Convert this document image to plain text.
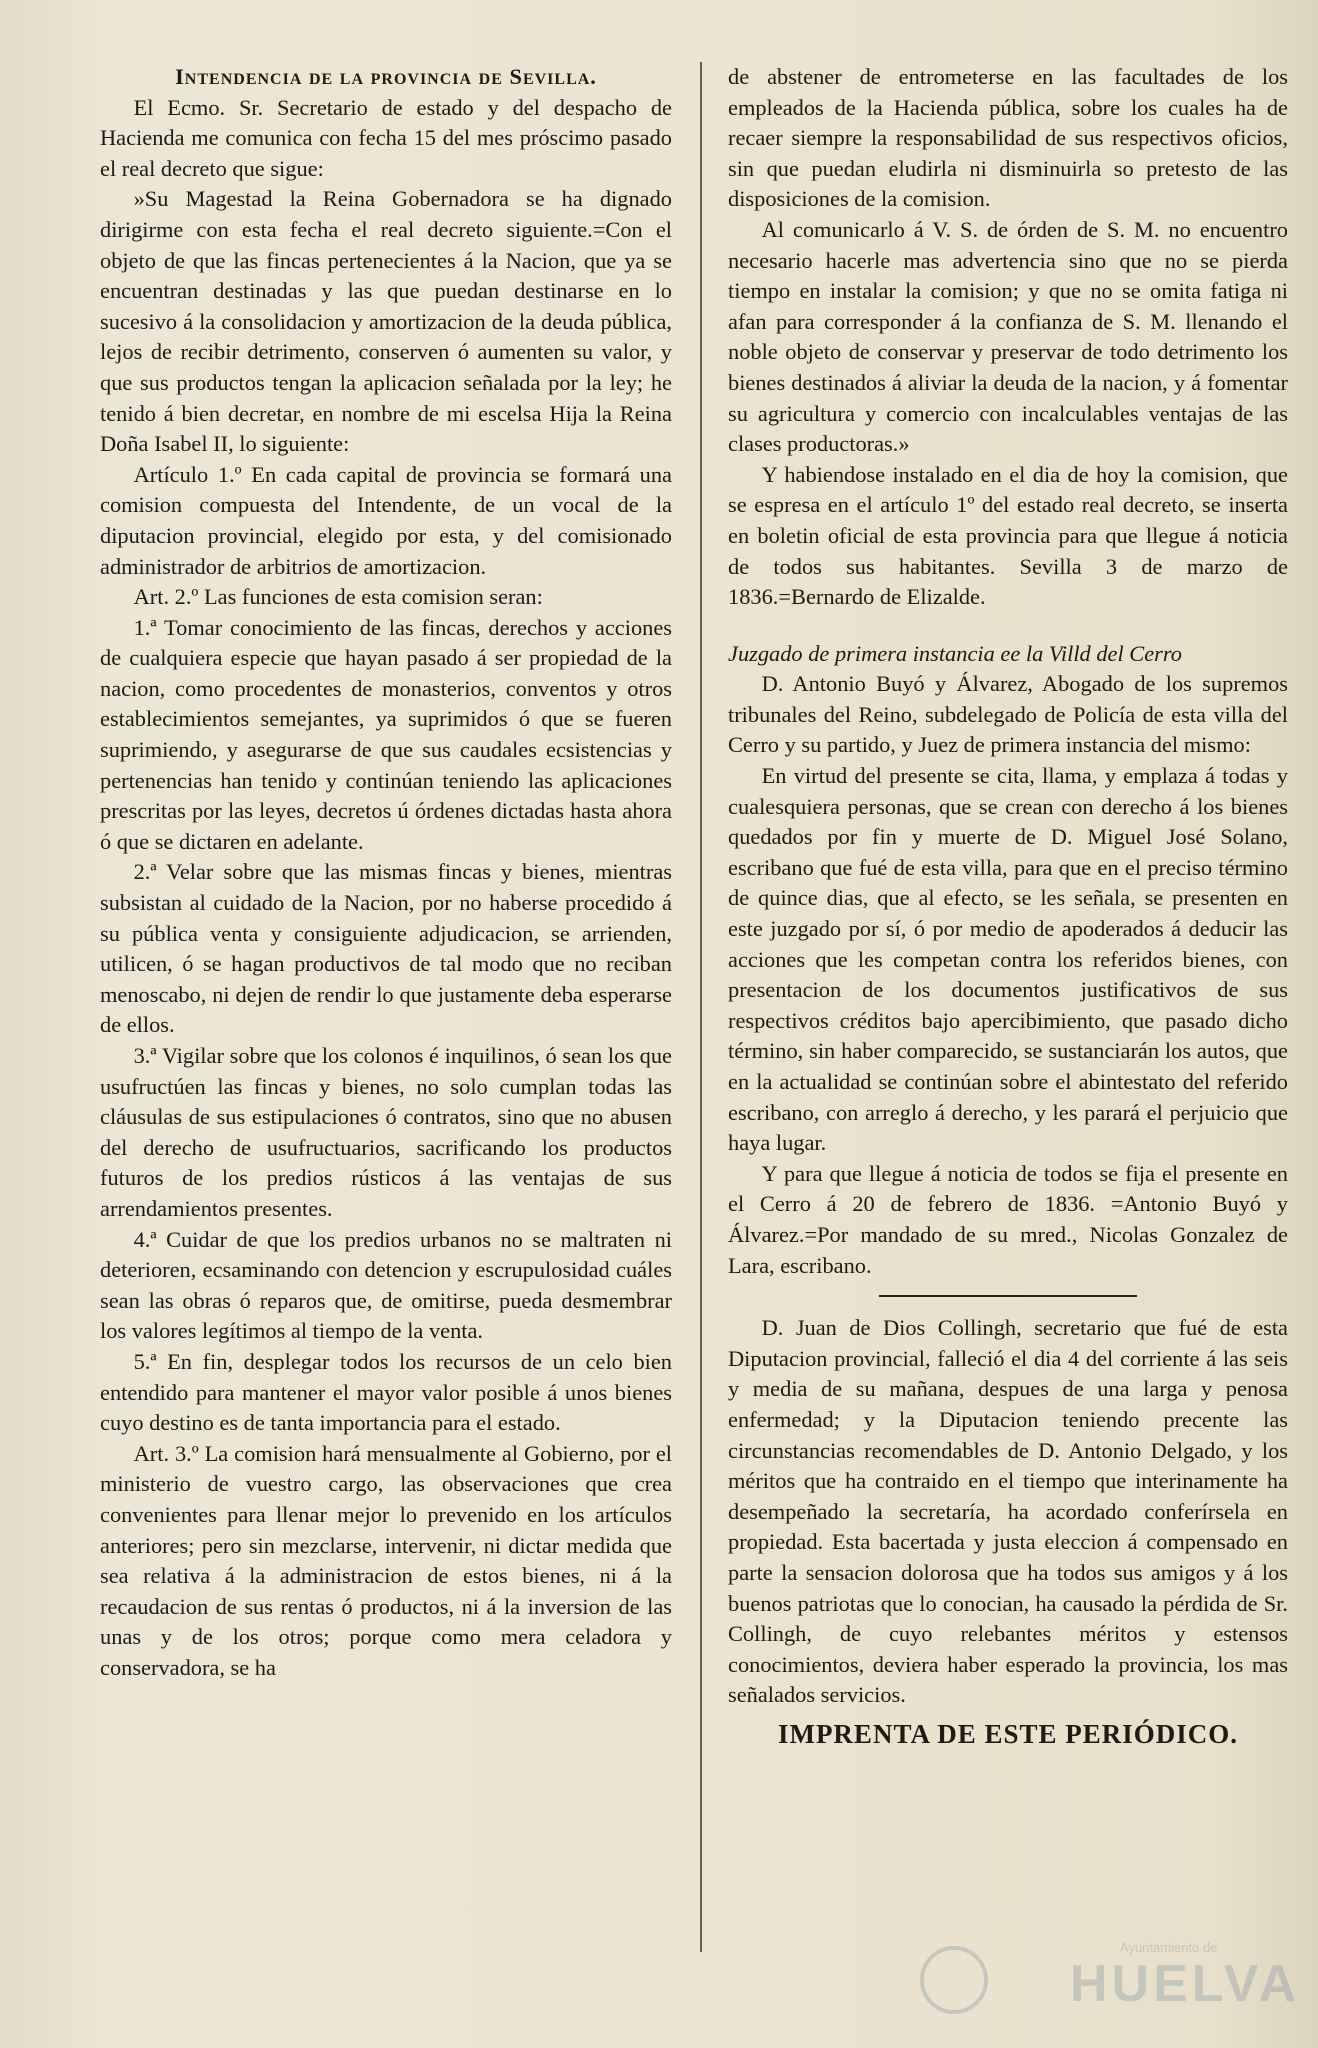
Intendencia de la provincia de Sevilla.

El Ecmo. Sr. Secretario de estado y del despacho de Hacienda me comunica con fecha 15 del mes próscimo pasado el real decreto que sigue:

»Su Magestad la Reina Gobernadora se ha dignado dirigirme con esta fecha el real decreto siguiente.=Con el objeto de que las fincas pertenecientes á la Nacion, que ya se encuentran destinadas y las que puedan destinarse en lo sucesivo á la consolidacion y amortizacion de la deuda pública, lejos de recibir detrimento, conserven ó aumenten su valor, y que sus productos tengan la aplicacion señalada por la ley; he tenido á bien decretar, en nombre de mi escelsa Hija la Reina Doña Isabel II, lo siguiente:

Artículo 1.º En cada capital de provincia se formará una comision compuesta del Intendente, de un vocal de la diputacion provincial, elegido por esta, y del comisionado administrador de arbitrios de amortizacion.

Art. 2.º Las funciones de esta comision seran:

1.ª Tomar conocimiento de las fincas, derechos y acciones de cualquiera especie que hayan pasado á ser propiedad de la nacion, como procedentes de monasterios, conventos y otros establecimientos semejantes, ya suprimidos ó que se fueren suprimiendo, y asegurarse de que sus caudales ecsistencias y pertenencias han tenido y continúan teniendo las aplicaciones prescritas por las leyes, decretos ú órdenes dictadas hasta ahora ó que se dictaren en adelante.

2.ª Velar sobre que las mismas fincas y bienes, mientras subsistan al cuidado de la Nacion, por no haberse procedido á su pública venta y consiguiente adjudicacion, se arrienden, utilicen, ó se hagan productivos de tal modo que no reciban menoscabo, ni dejen de rendir lo que justamente deba esperarse de ellos.

3.ª Vigilar sobre que los colonos é inquilinos, ó sean los que usufructúen las fincas y bienes, no solo cumplan todas las cláusulas de sus estipulaciones ó contratos, sino que no abusen del derecho de usufructuarios, sacrificando los productos futuros de los predios rústicos á las ventajas de sus arrendamientos presentes.

4.ª Cuidar de que los predios urbanos no se maltraten ni deterioren, ecsaminando con detencion y escrupulosidad cuáles sean las obras ó reparos que, de omitirse, pueda desmembrar los valores legítimos al tiempo de la venta.

5.ª En fin, desplegar todos los recursos de un celo bien entendido para mantener el mayor valor posible á unos bienes cuyo destino es de tanta importancia para el estado.

Art. 3.º La comision hará mensualmente al Gobierno, por el ministerio de vuestro cargo, las observaciones que crea convenientes para llenar mejor lo prevenido en los artículos anteriores; pero sin mezclarse, intervenir, ni dictar medida que sea relativa á la administracion de estos bienes, ni á la recaudacion de sus rentas ó productos, ni á la inversion de las unas y de los otros; porque como mera celadora y conservadora, se ha

de abstener de entrometerse en las facultades de los empleados de la Hacienda pública, sobre los cuales ha de recaer siempre la responsabilidad de sus respectivos oficios, sin que puedan eludirla ni disminuirla so pretesto de las disposiciones de la comision.

Al comunicarlo á V. S. de órden de S. M. no encuentro necesario hacerle mas advertencia sino que no se pierda tiempo en instalar la comision; y que no se omita fatiga ni afan para corresponder á la confianza de S. M. llenando el noble objeto de conservar y preservar de todo detrimento los bienes destinados á aliviar la deuda de la nacion, y á fomentar su agricultura y comercio con incalculables ventajas de las clases productoras.»

Y habiendose instalado en el dia de hoy la comision, que se espresa en el artículo 1º del estado real decreto, se inserta en boletin oficial de esta provincia para que llegue á noticia de todos sus habitantes. Sevilla 3 de marzo de 1836.=Bernardo de Elizalde.

Juzgado de primera instancia ee la Villd del Cerro

D. Antonio Buyó y Álvarez, Abogado de los supremos tribunales del Reino, subdelegado de Policía de esta villa del Cerro y su partido, y Juez de primera instancia del mismo:

En virtud del presente se cita, llama, y emplaza á todas y cualesquiera personas, que se crean con derecho á los bienes quedados por fin y muerte de D. Miguel José Solano, escribano que fué de esta villa, para que en el preciso término de quince dias, que al efecto, se les señala, se presenten en este juzgado por sí, ó por medio de apoderados á deducir las acciones que les competan contra los referidos bienes, con presentacion de los documentos justificativos de sus respectivos créditos bajo apercibimiento, que pasado dicho término, sin haber comparecido, se sustanciarán los autos, que en la actualidad se continúan sobre el abintestato del referido escribano, con arreglo á derecho, y les parará el perjuicio que haya lugar.

Y para que llegue á noticia de todos se fija el presente en el Cerro á 20 de febrero de 1836. =Antonio Buyó y Álvarez.=Por mandado de su mred., Nicolas Gonzalez de Lara, escribano.

D. Juan de Dios Collingh, secretario que fué de esta Diputacion provincial, falleció el dia 4 del corriente á las seis y media de su mañana, despues de una larga y penosa enfermedad; y la Diputacion teniendo precente las circunstancias recomendables de D. Antonio Delgado, y los méritos que ha contraido en el tiempo que interinamente ha desempeñado la secretaría, ha acordado conferírsela en propiedad. Esta bacertada y justa eleccion á compensado en parte la sensacion dolorosa que ha todos sus amigos y á los buenos patriotas que lo conocian, ha causado la pérdida de Sr. Collingh, de cuyo relebantes méritos y estensos conocimientos, deviera haber esperado la provincia, los mas señalados servicios.

IMPRENTA DE ESTE PERIÓDICO.

Ayuntamiento de
HUELVA
